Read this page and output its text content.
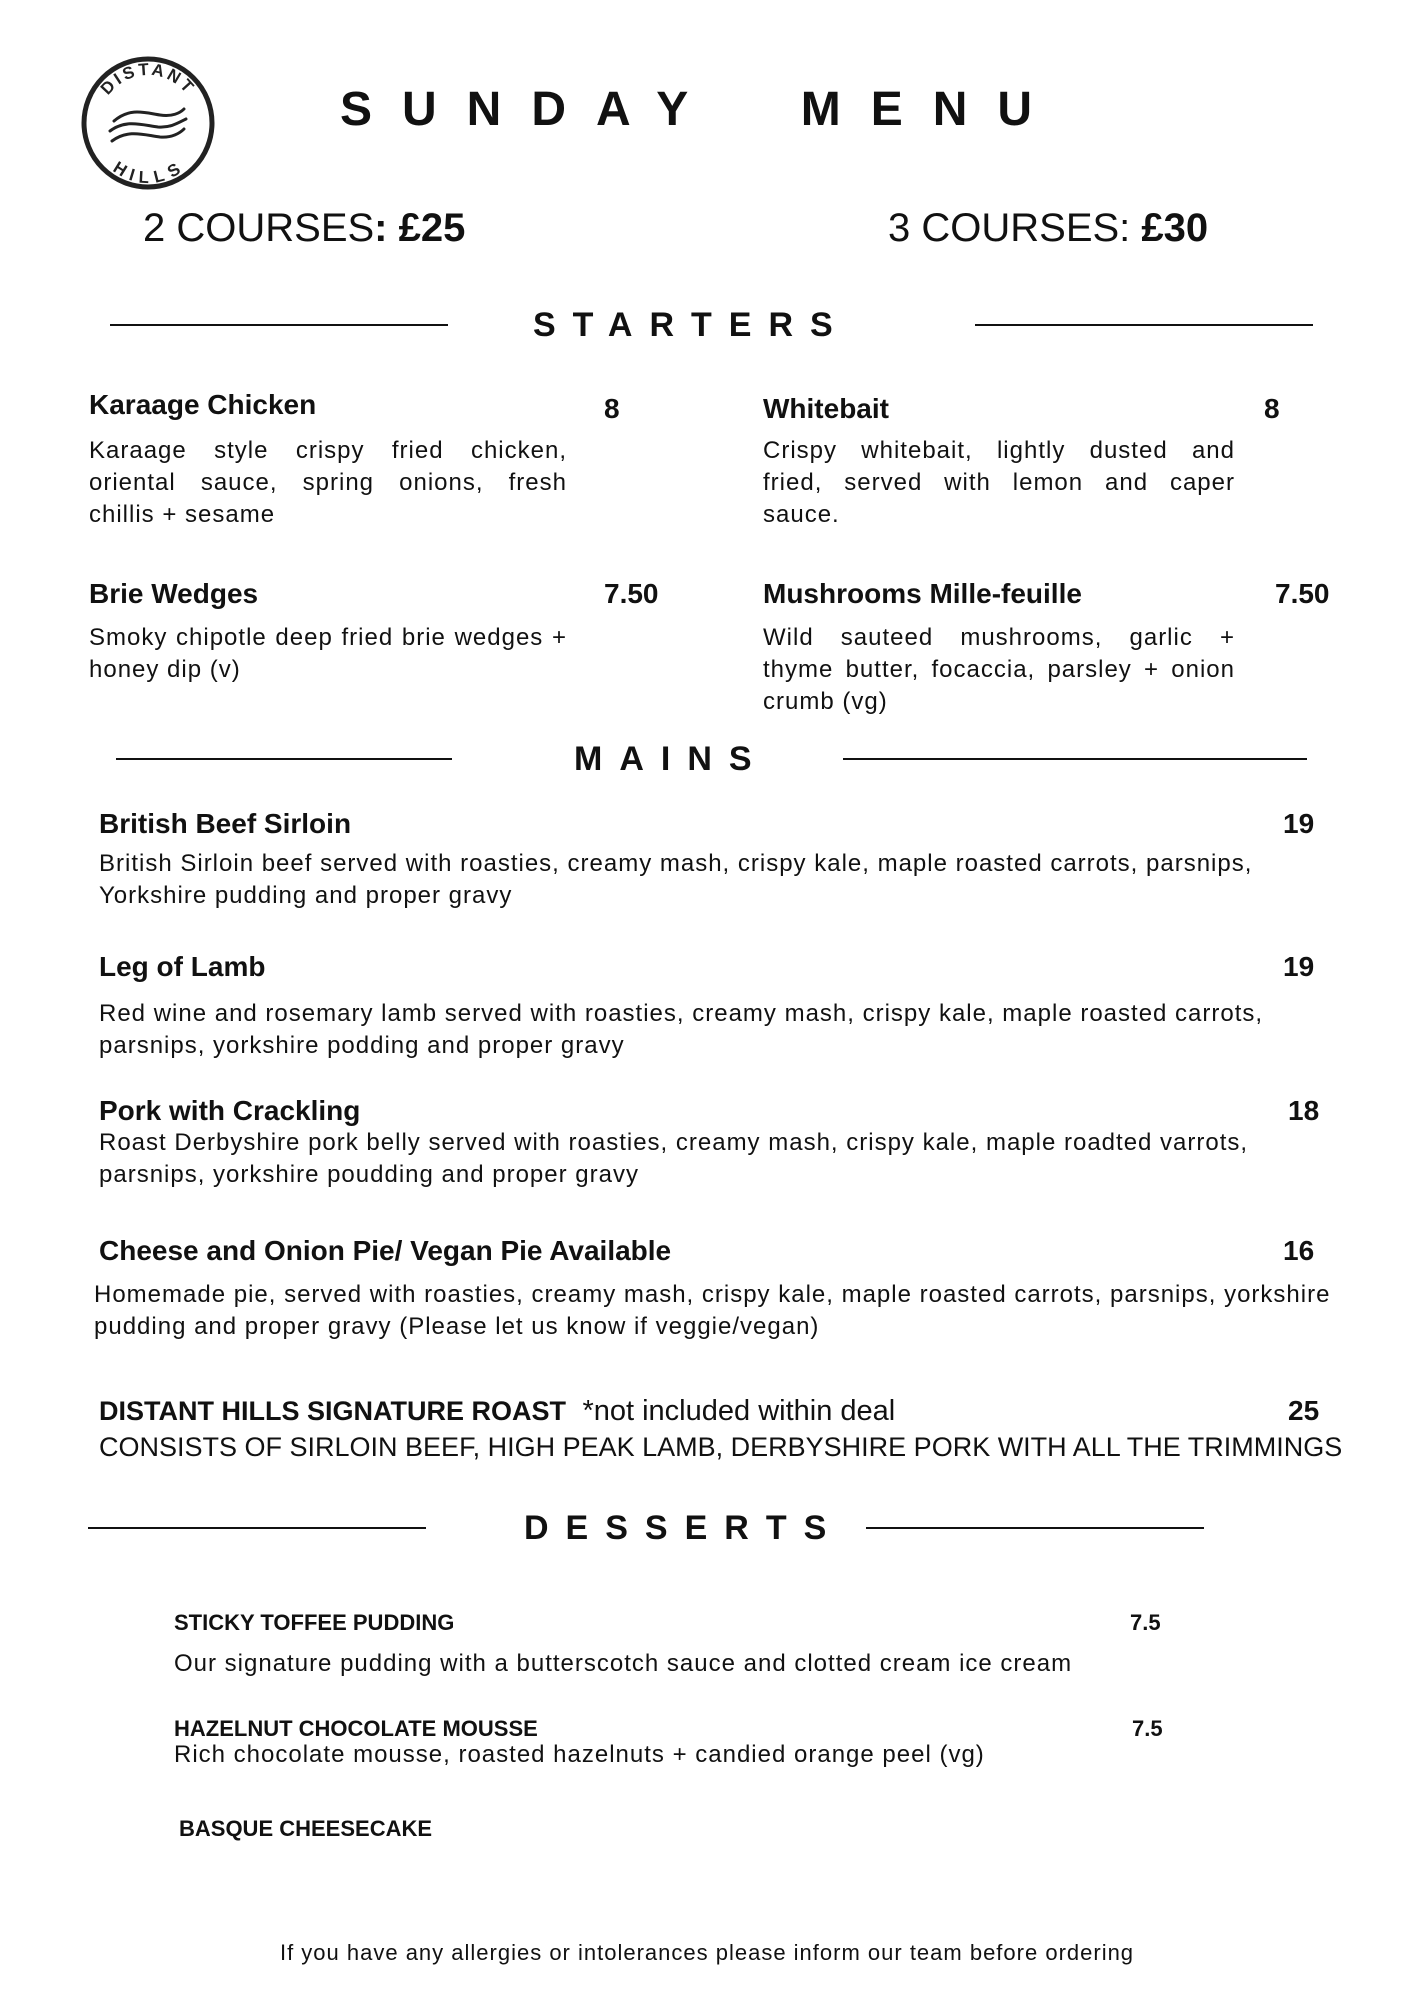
DISTANT
HILLS
SUNDAY MENU
2 COURSES: £25	3 COURSES: £30
STARTERS
Karaage Chicken	8
Karaage style crispy fried chicken, oriental sauce, spring onions, fresh chillis + sesame
Whitebait	8
Crispy whitebait, lightly dusted and fried, served with lemon and caper sauce.
Brie Wedges	7.50
Smoky chipotle deep fried brie wedges + honey dip (v)
Mushrooms Mille-feuille	7.50
Wild sauteed mushrooms, garlic + thyme butter, focaccia, parsley + onion crumb (vg)
MAINS
British Beef Sirloin	19
British Sirloin beef served with roasties, creamy mash, crispy kale, maple roasted carrots, parsnips, Yorkshire pudding and proper gravy
Leg of Lamb	19
Red wine and rosemary lamb served with roasties, creamy mash, crispy kale, maple roasted carrots, parsnips, yorkshire podding and proper gravy
Pork with Crackling	18
Roast Derbyshire pork belly served with roasties, creamy mash, crispy kale, maple roadted varrots, parsnips, yorkshire poudding and proper gravy
Cheese and Onion Pie/ Vegan Pie Available	16
Homemade pie, served with roasties, creamy mash, crispy kale, maple roasted carrots, parsnips, yorkshire pudding and proper gravy (Please let us know if veggie/vegan)
DISTANT HILLS SIGNATURE ROAST *not included within deal	25
CONSISTS OF SIRLOIN BEEF, HIGH PEAK LAMB, DERBYSHIRE PORK WITH ALL THE TRIMMINGS
DESSERTS
STICKY TOFFEE PUDDING	7.5
Our signature pudding with a butterscotch sauce and clotted cream ice cream
HAZELNUT CHOCOLATE MOUSSE	7.5
Rich chocolate mousse, roasted hazelnuts + candied orange peel (vg)
BASQUE CHEESECAKE
If you have any allergies or intolerances please inform our team before ordering
